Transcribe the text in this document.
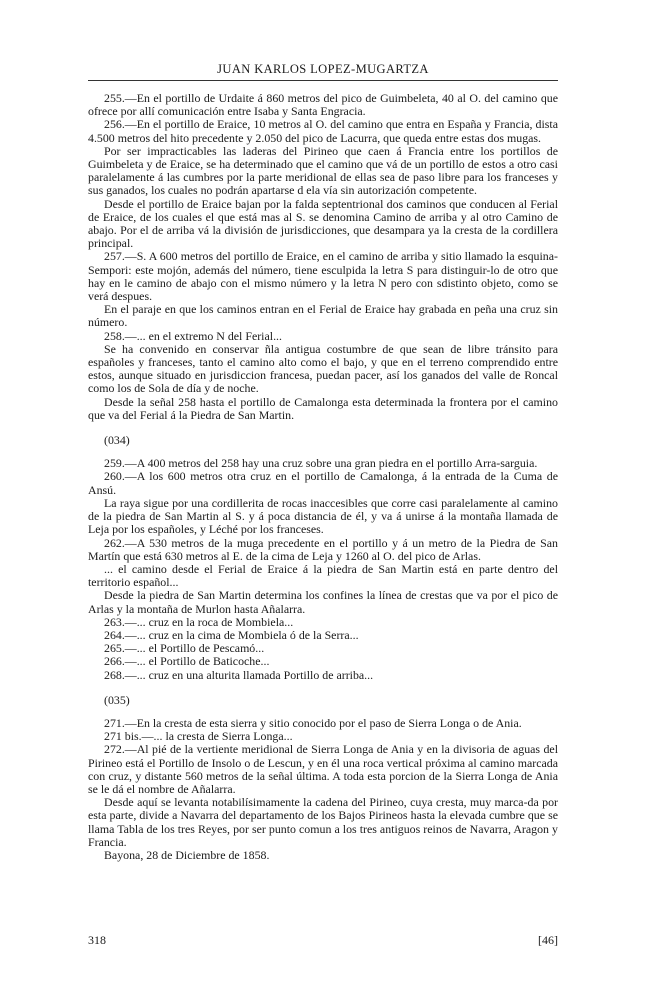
JUAN KARLOS LOPEZ-MUGARTZA

255.—En el portillo de Urdaite á 860 metros del pico de Guimbeleta, 40 al O. del camino que ofrece por allí comunicación entre Isaba y Santa Engracia.

256.—En el portillo de Eraice, 10 metros al O. del camino que entra en España y Francia, dista 4.500 metros del hito precedente y 2.050 del pico de Lacurra, que queda entre estas dos mugas.

Por ser impracticables las laderas del Pirineo que caen á Francia entre los portillos de Guimbeleta y de Eraice, se ha determinado que el camino que vá de un portillo de estos a otro casi paralelamente á las cumbres por la parte meridional de ellas sea de paso libre para los franceses y sus ganados, los cuales no podrán apartarse d ela vía sin autorización competente.

Desde el portillo de Eraice bajan por la falda septentrional dos caminos que conducen al Ferial de Eraice, de los cuales el que está mas al S. se denomina Camino de arriba y al otro Camino de abajo. Por el de arriba vá la división de jurisdicciones, que desampara ya la cresta de la cordillera principal.

257.—S. A 600 metros del portillo de Eraice, en el camino de arriba y sitio llamado la esquina-Sempori: este mojón, además del número, tiene esculpida la letra S para distinguir-lo de otro que hay en le camino de abajo con el mismo número y la letra N pero con sdistinto objeto, como se verá despues.

En el paraje en que los caminos entran en el Ferial de Eraice hay grabada en peña una cruz sin número.

258.—... en el extremo N del Ferial...

Se ha convenido en conservar ñla antigua costumbre de que sean de libre tránsito para españoles y franceses, tanto el camino alto como el bajo, y que en el terreno comprendido entre estos, aunque situado en jurisdiccion francesa, puedan pacer, así los ganados del valle de Roncal como los de Sola de día y de noche.

Desde la señal 258 hasta el portillo de Camalonga esta determinada la frontera por el camino que va del Ferial á la Piedra de San Martin.

(034)

259.—A 400 metros del 258 hay una cruz sobre una gran piedra en el portillo Arra-sarguia.

260.—A los 600 metros otra cruz en el portillo de Camalonga, á la entrada de la Cuma de Ansú.

La raya sigue por una cordillerita de rocas inaccesibles que corre casi paralelamente al camino de la piedra de San Martin al S. y á poca distancia de él, y va á unirse á la montaña llamada de Leja por los españoles, y Léché por los franceses.

262.—A 530 metros de la muga precedente en el portillo y á un metro de la Piedra de San Martín que está 630 metros al E. de la cima de Leja y 1260 al O. del pico de Arlas.

... el camino desde el Ferial de Eraice á la piedra de San Martin está en parte dentro del territorio español...

Desde la piedra de San Martin determina los confines la línea de crestas que va por el pico de Arlas y la montaña de Murlon hasta Añalarra.

263.—... cruz en la roca de Mombiela...

264.—... cruz en la cima de Mombiela ó de la Serra...

265.—... el Portillo de Pescamó...

266.—... el Portillo de Baticoche...

268.—... cruz en una alturita llamada Portillo de arriba...

(035)

271.—En la cresta de esta sierra y sitio conocido por el paso de Sierra Longa o de Ania.

271 bis.—... la cresta de Sierra Longa...

272.—Al pié de la vertiente meridional de Sierra Longa de Ania y en la divisoria de aguas del Pirineo está el Portillo de Insolo o de Lescun, y en él una roca vertical próxima al camino marcada con cruz, y distante 560 metros de la señal última. A toda esta porcion de la Sierra Longa de Ania se le dá el nombre de Añalarra.

Desde aquí se levanta notabilísimamente la cadena del Pirineo, cuya cresta, muy marca-da por esta parte, divide a Navarra del departamento de los Bajos Pirineos hasta la elevada cumbre que se llama Tabla de los tres Reyes, por ser punto comun a los tres antiguos reinos de Navarra, Aragon y Francia.

Bayona, 28 de Diciembre de 1858.

318	[46]
